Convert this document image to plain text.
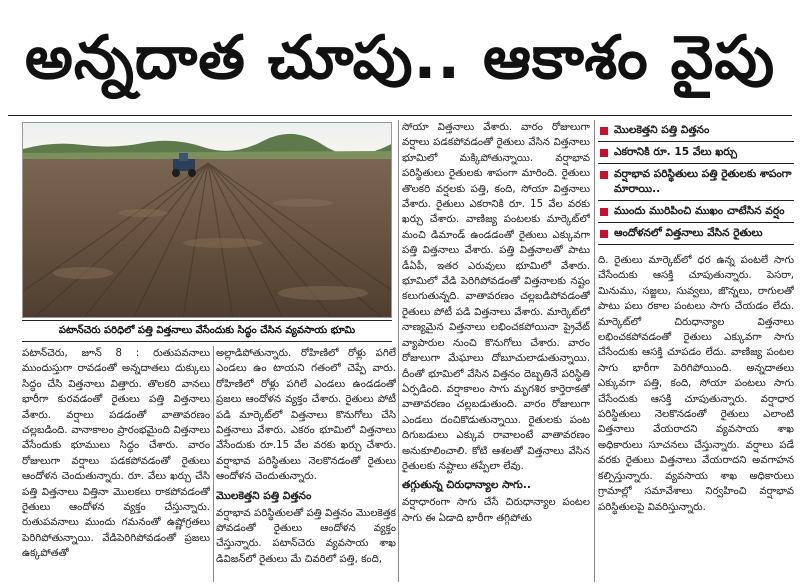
అన్నదాత చూపు.. ఆకాశం వైపు
పటాన్‌చెరు పరిధిలో పత్తి విత్తనాలు వేసేందుకు సిద్ధం చేసిన వ్యవసాయ భూమి

పటాన్‌చెరు, జూన్ 8 : రుతుపవనాలు ముందుస్తుగా రావడంతో అన్నదాతలు దుక్కులు సిద్ధం చేసి విత్తనాలు విత్తారు. తొలకరి వానలు భారీగా కురవడంతో రైతులు పత్తి విత్తనాలు వేశారు. వర్షాలు పడడంతో వాతావరణం చల్లబడింది. వానాకాలం ప్రారంభమైంది విత్తనాలు వేసేందుకు భూములు సిద్ధం చేశారు. వారం రోజులుగా వర్షాలు పడకపోవడంతో రైతులు ఆందోళన చెందుతున్నారు. రూ. వేలు ఖర్చు చేసి పత్తి విత్తనాలు విత్తినా మొలకలు రాకపోవడంతో రైతులు ఆందోళన వ్యక్తం చేస్తున్నారు. రుతుపవనాలు ముందు గమనంతో ఉష్ణోగ్రతలు పెరిగిపోతున్నాయి. వేడిపెరిగిపోవడంతో ప్రజలు ఉక్కపోతతో

అల్లాడిపోతున్నారు. రోహిణిలో రోళ్లు పగిలే ఎండలు ఉం టాయని గతంలో చెప్పే వారు. రోహిణిలో రోళ్లు పగిలే ఎండలు ఉండడంతో ప్రజలు ఆందోళన వ్యక్తం చేశారు. రైతులు పోటీ పడి మార్కెట్‌లో విత్తనాలు కొనుగోలు చేసి విత్తనాలు వేశారు. ఎకరం భూమిలో విత్తనాలు వేసేందుకు రూ.15 వేల వరకు ఖర్చు చేశారు. వర్షాభావ పరిస్థితులు నెలకొనడంతో రైతులు ఆందోళన చెందుతున్నారు.

మొలకెత్తని పత్తి విత్తనం

వర్షాభావ పరిస్థితులతో పత్తి విత్తనం మొలకెత్తక పోవడంతో రైతులు ఆందోళన వ్యక్తం చేస్తున్నారు. పటాన్‌చెరు వ్యవసాయ శాఖ డివిజన్‌లో రైతులు మే చివరిలో పత్తి, కంది,

సోయా విత్తనాలు వేశారు. వారం రోజులుగా వర్షాలు పడకపోవడంతో రైతులు వేసిన విత్తనాలు భూమిలో మక్కిపోతున్నాయి. వర్షాభావ పరిస్థితులు రైతులకు శాపంగా మారింది. రైతులు తొలకరి వర్షలకు పత్తి, కంది, సోయా విత్తనాలు వేశారు. రైతులు ఎకరానికి రూ. 15 వేల వరకు ఖర్చు చేశారు. వాణిజ్య పంటలకు మార్కెట్‌లో మంచి డిమాండ్ ఉండడంతో రైతులు ఎక్కువగా పత్తి విత్తనాలు వేశారు. పత్తి విత్తనాలతో పాటు డీఏపీ, ఇతర ఎరువులు భూమిలో వేశారు. భూమిలో వేడి పెరిగిపోవడంతో విత్తనాలకు నష్టం కలుగుతున్నది. వాతావరణం చల్లబడిపోవడంతో రైతులు పోటీ పడి విత్తనాలు వేశారు. మార్కెట్‌లో నాణ్యమైన విత్తనాలు లభించకపోయినా ప్రైవేట్ వ్యాపారుల నుంచి కొనుగోలు చేశారు. వారం రోజులుగా మేఘాలు దోబూచులాడుతున్నాయి. దీంతో భూమిలో వేసిన విత్తనం దెబ్బతినే పరిస్థితి ఏర్పడింది. వర్షాకాలం సాగు మృగశిర కార్తెరాకతో వాతావరణం చల్లబడుతుంది. వారం రోజులుగా ఎండలు దంచికొడుతున్నాయి. రైతులకు పంట దిగుబడులు ఎక్కువ రావాలంటే వాతావరణం అనుకూలించాలి. కోటి ఆశలతో విత్తనాలు వేసిన రైతులకు నష్టాలు తప్పేలా లేవు.

తగ్గుతున్న చిరుధాన్యాల సాగు..

వర్షాధారంగా సాగు చేసే చిరుధాన్యాల పంటల సాగు ఈ ఏడాది భారీగా తగ్గిపోతు

మొలకెత్తని పత్తి విత్తనం
ఎకరానికి రూ. 15 వేలు ఖర్చు
వర్షాభావ పరిస్థితులు పత్తి రైతులకు శాపంగా మారాయి..
ముందు మురిపించి ముఖం చాటేసిన వర్షం
ఆందోళనలో విత్తనాలు వేసిన రైతులు

ది. రైతులు మార్కెట్‌లో ధర ఉన్న పంటలే సాగు చేసేందుకు ఆసక్తి చూపుతున్నారు. పెసరా, మినుము, సజ్జలు, సువ్వలు, జొన్నలు, రాగులతో పాటు పలు రకాల పంటలు సాగు చేయడం లేదు. మార్కెట్‌లో చిరుధాన్యాల విత్తనాలు లభించకపోవడంతో రైతులు ఎక్కువగా సాగు చేసేందుకు ఆసక్తి చూపడం లేదు. వాణిజ్య పంటల సాగు భారీగా పెరిగిపోయింది. అన్నదాతలు ఎక్కువగా పత్తి, కంది, సోయా పంటలు సాగు చేసేందుకు ఆసక్తి చూపుతున్నారు. వర్షాధార పరిస్థితులు నెలకొనడంతో రైతులు ఎలాంటి విత్తనాలు వేయరాదని వ్యవసాయ శాఖ అధికారులు సూచనలు చేస్తున్నారు. వర్షాలు పడే వరకు రైతులు విత్తనాలు వేయరాదని అవగాహన కల్పిస్తున్నారు. వ్యవసాయ శాఖ అధికారులు గ్రామాల్లో సమావేశాలు నిర్వహించి వర్షాభావ పరిస్థితులపై వివరిస్తున్నారు.
